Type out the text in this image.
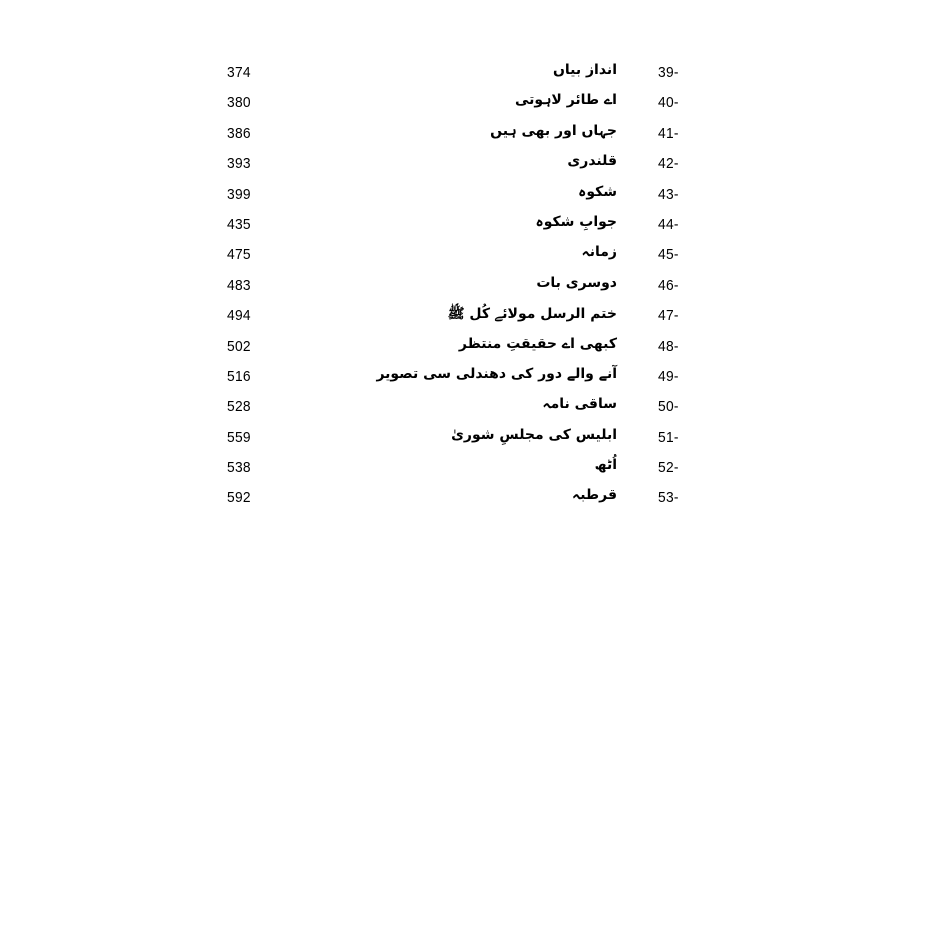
39-
انداز بیاں
374
40-
اے طائر لاہوتی
380
41-
جہاں اور بھی ہیں
386
42-
قلندری
393
43-
شکوہ
399
44-
جوابِ شکوہ
435
45-
زمانہ
475
46-
دوسری بات
483
47-
ختم الرسل مولائے کُل ﷺ
494
48-
کبھی اے حقیقتِ منتظر
502
49-
آنے والے دور کی دھندلی سی تصویر
516
50-
ساقی نامہ
528
51-
ابلیس کی مجلسِ شوریٰ
559
52-
اُٹھ
538
53-
قرطبہ
592
